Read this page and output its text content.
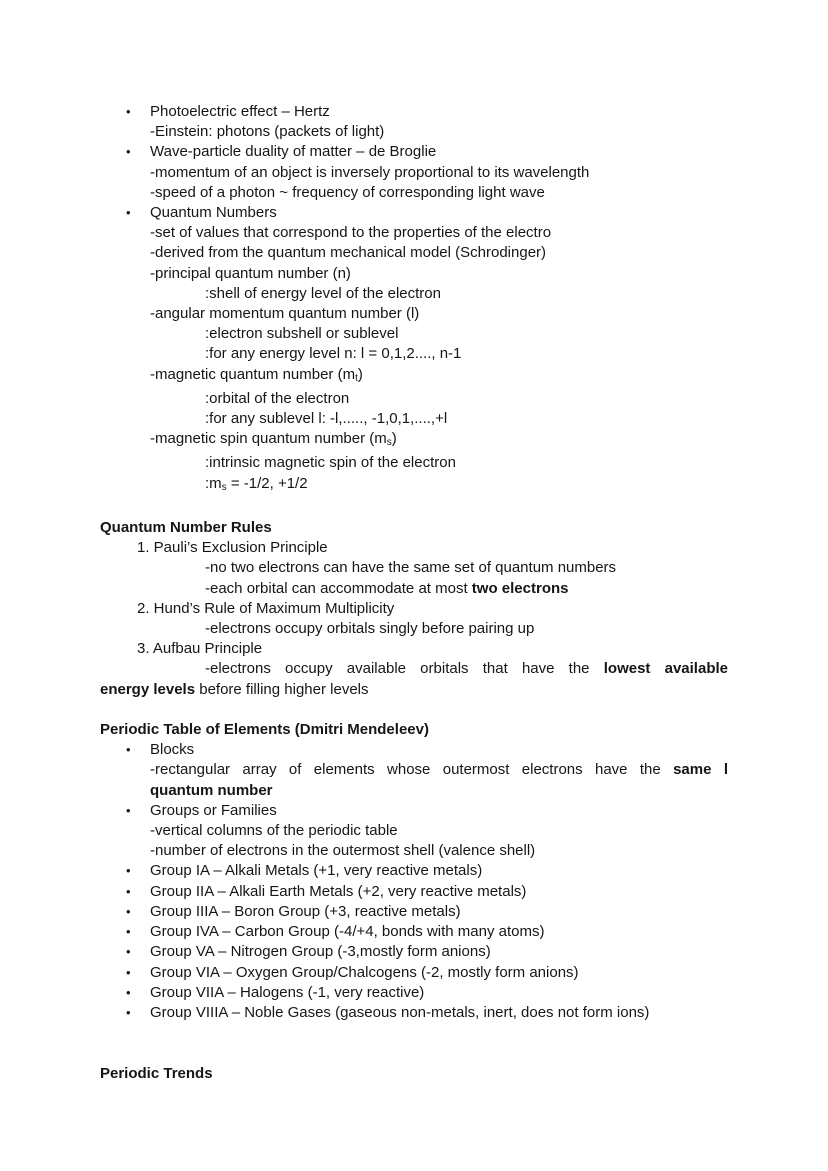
• Photoelectric effect – Hertz
-Einstein: photons (packets of light)
• Wave-particle duality of matter – de Broglie
-momentum of an object is inversely proportional to its wavelength
-speed of a photon ~ frequency of corresponding light wave
• Quantum Numbers
-set of values that correspond to the properties of the electro
-derived from the quantum mechanical model (Schrodinger)
-principal quantum number (n)
:shell of energy level of the electron
-angular momentum quantum number (l)
:electron subshell or sublevel
:for any energy level n: l = 0,1,2...., n-1
-magnetic quantum number (mt)
:orbital of the electron
:for any sublevel l: -l,....., -1,0,1,....,+l
-magnetic spin quantum number (ms)
:intrinsic magnetic spin of the electron
:ms = -1/2, +1/2
Quantum Number Rules
1. Pauli’s Exclusion Principle
-no two electrons can have the same set of quantum numbers
-each orbital can accommodate at most two electrons
2. Hund’s Rule of Maximum Multiplicity
-electrons occupy orbitals singly before pairing up
3. Aufbau Principle
-electrons occupy available orbitals that have the lowest available
energy levels before filling higher levels
Periodic Table of Elements (Dmitri Mendeleev)
• Blocks
-rectangular array of elements whose outermost electrons have the same l
quantum number
• Groups or Families
-vertical columns of the periodic table
-number of electrons in the outermost shell (valence shell)
• Group IA – Alkali Metals (+1, very reactive metals)
• Group IIA – Alkali Earth Metals (+2, very reactive metals)
• Group IIIA – Boron Group (+3, reactive metals)
• Group IVA – Carbon Group (-4/+4, bonds with many atoms)
• Group VA – Nitrogen Group (-3,mostly form anions)
• Group VIA – Oxygen Group/Chalcogens (-2, mostly form anions)
• Group VIIA – Halogens (-1, very reactive)
• Group VIIIA – Noble Gases (gaseous non-metals, inert, does not form ions)
Periodic Trends
